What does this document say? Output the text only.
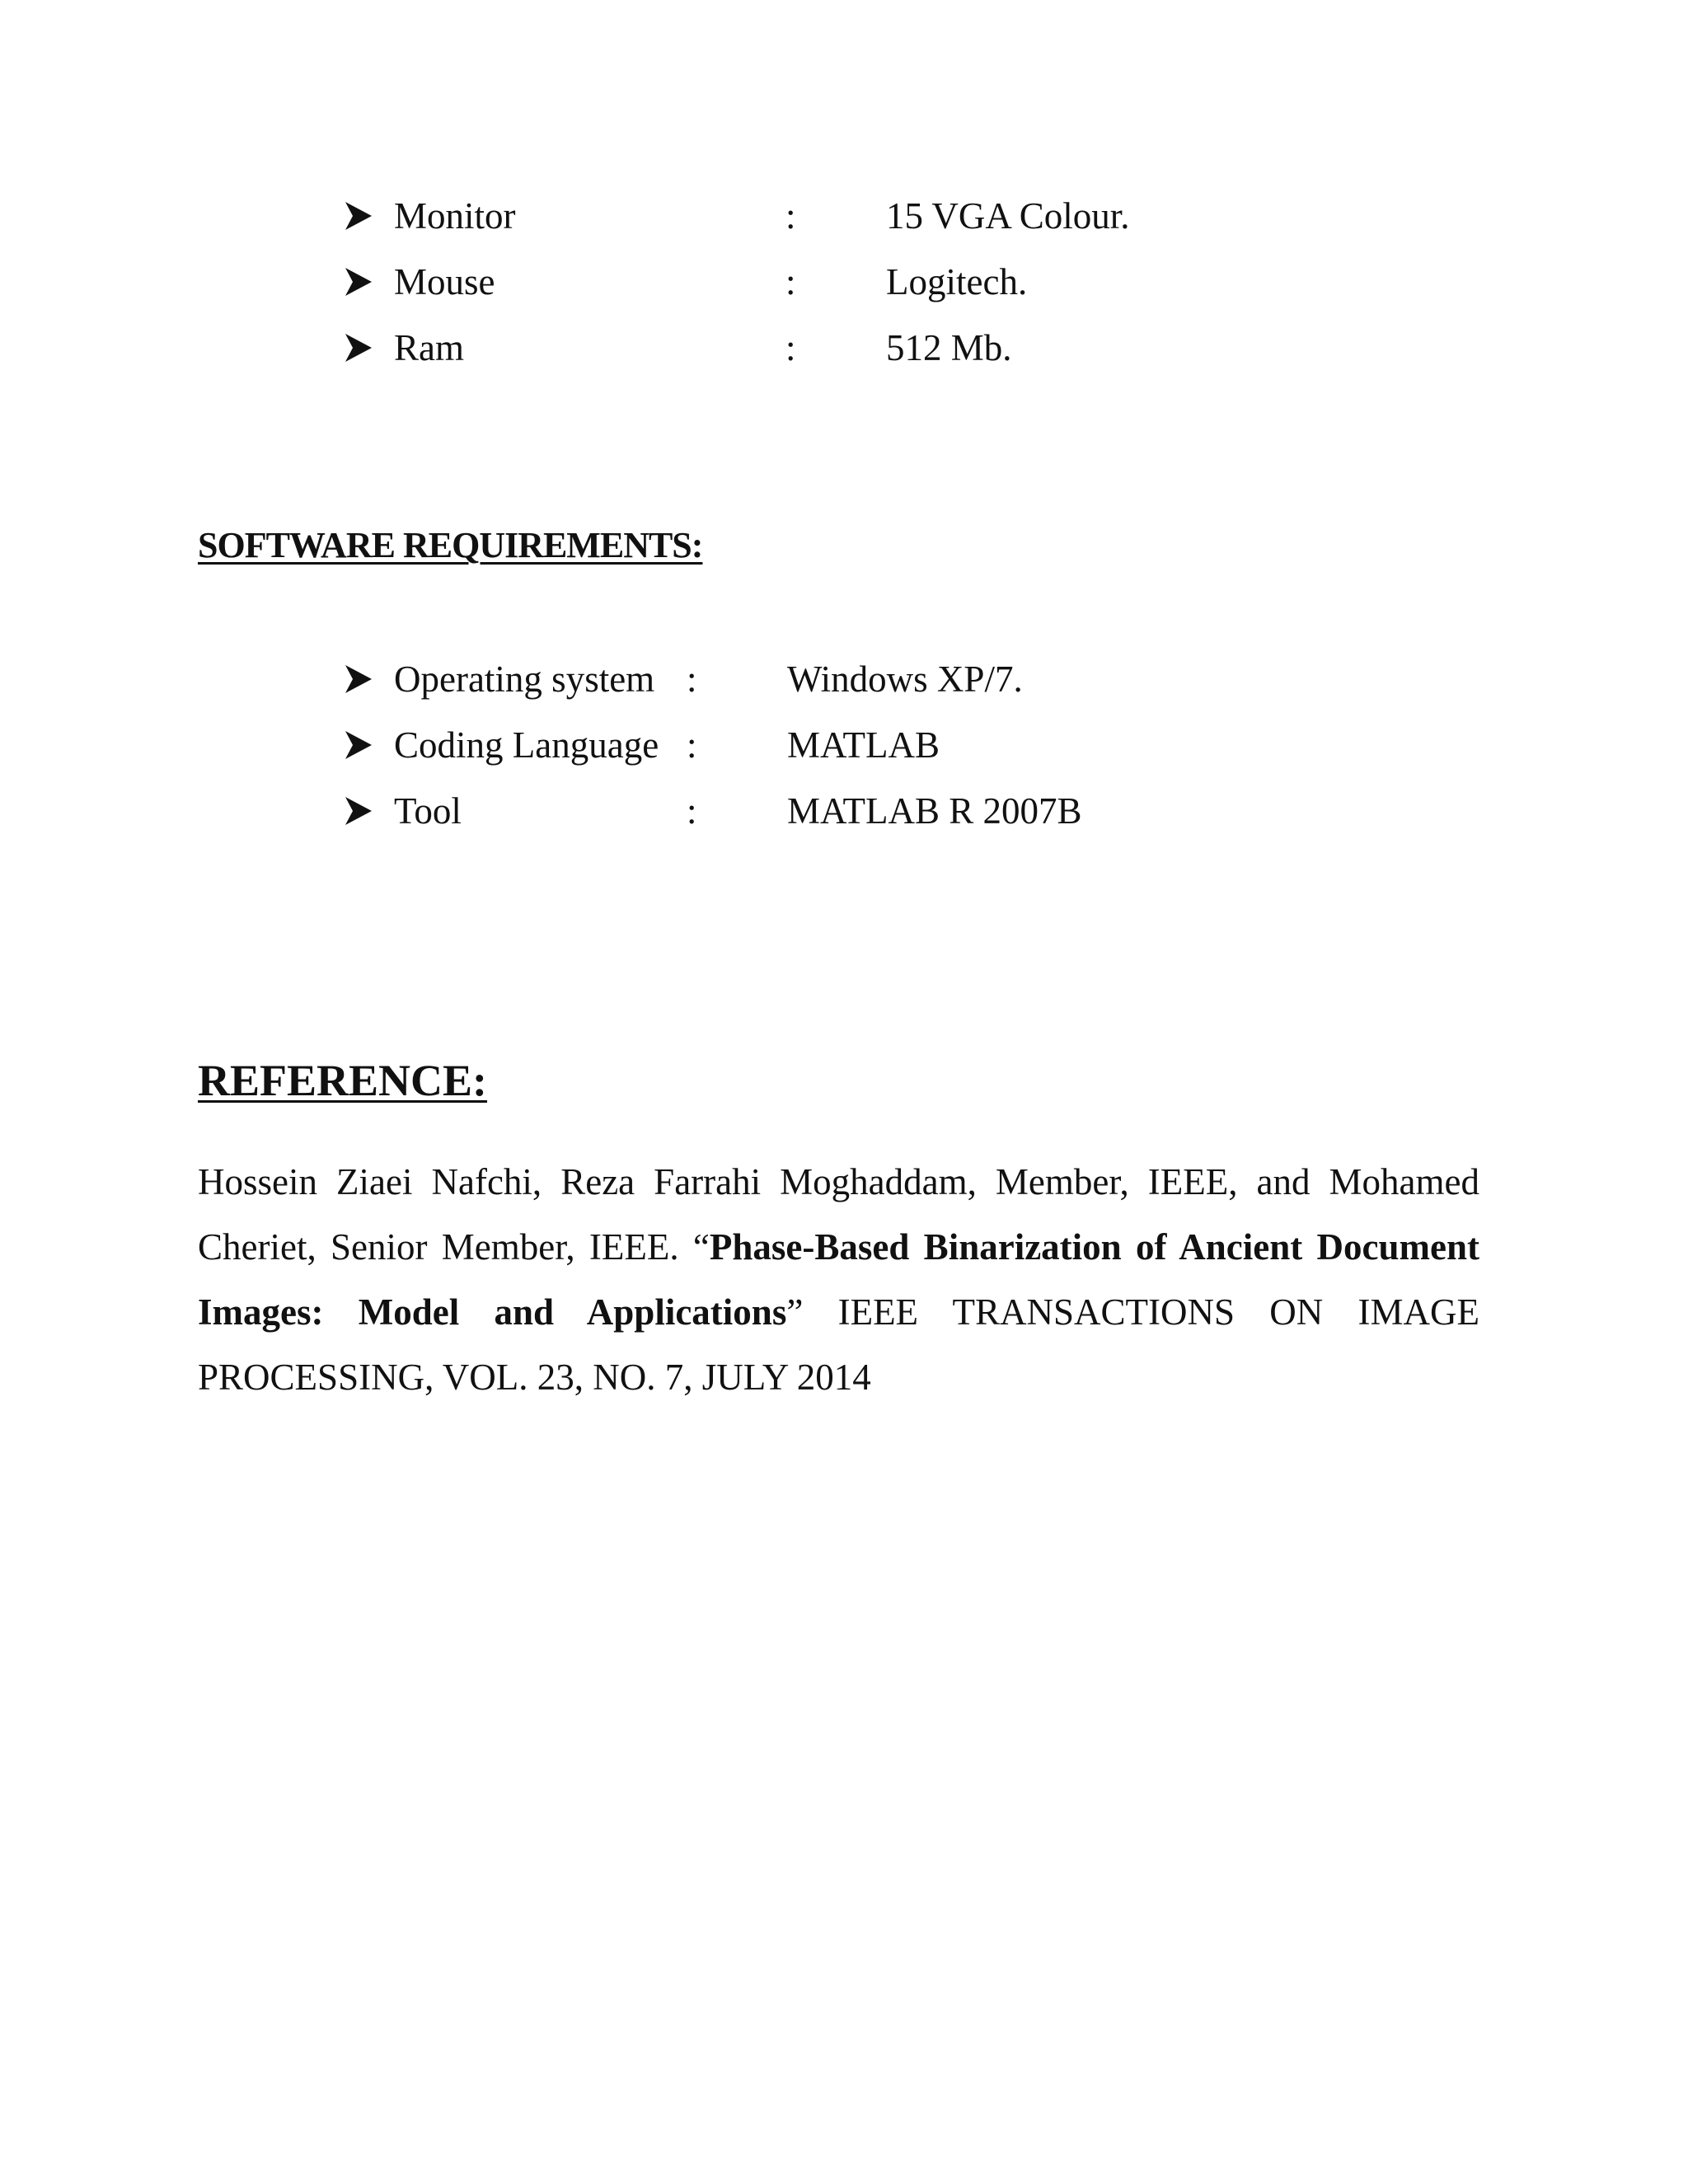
Monitor	: 15 VGA Colour.
Mouse	: Logitech.
Ram	: 512 Mb.
SOFTWARE REQUIREMENTS:
Operating system : Windows XP/7.
Coding Language : MATLAB
Tool	: MATLAB R 2007B
REFERENCE:

Hossein Ziaei Nafchi, Reza Farrahi Moghaddam, Member, IEEE, and Mohamed Cheriet, Senior Member, IEEE. “Phase-Based Binarization of Ancient Document Images: Model and Applications” IEEE TRANSACTIONS ON IMAGE PROCESSING, VOL. 23, NO. 7, JULY 2014
